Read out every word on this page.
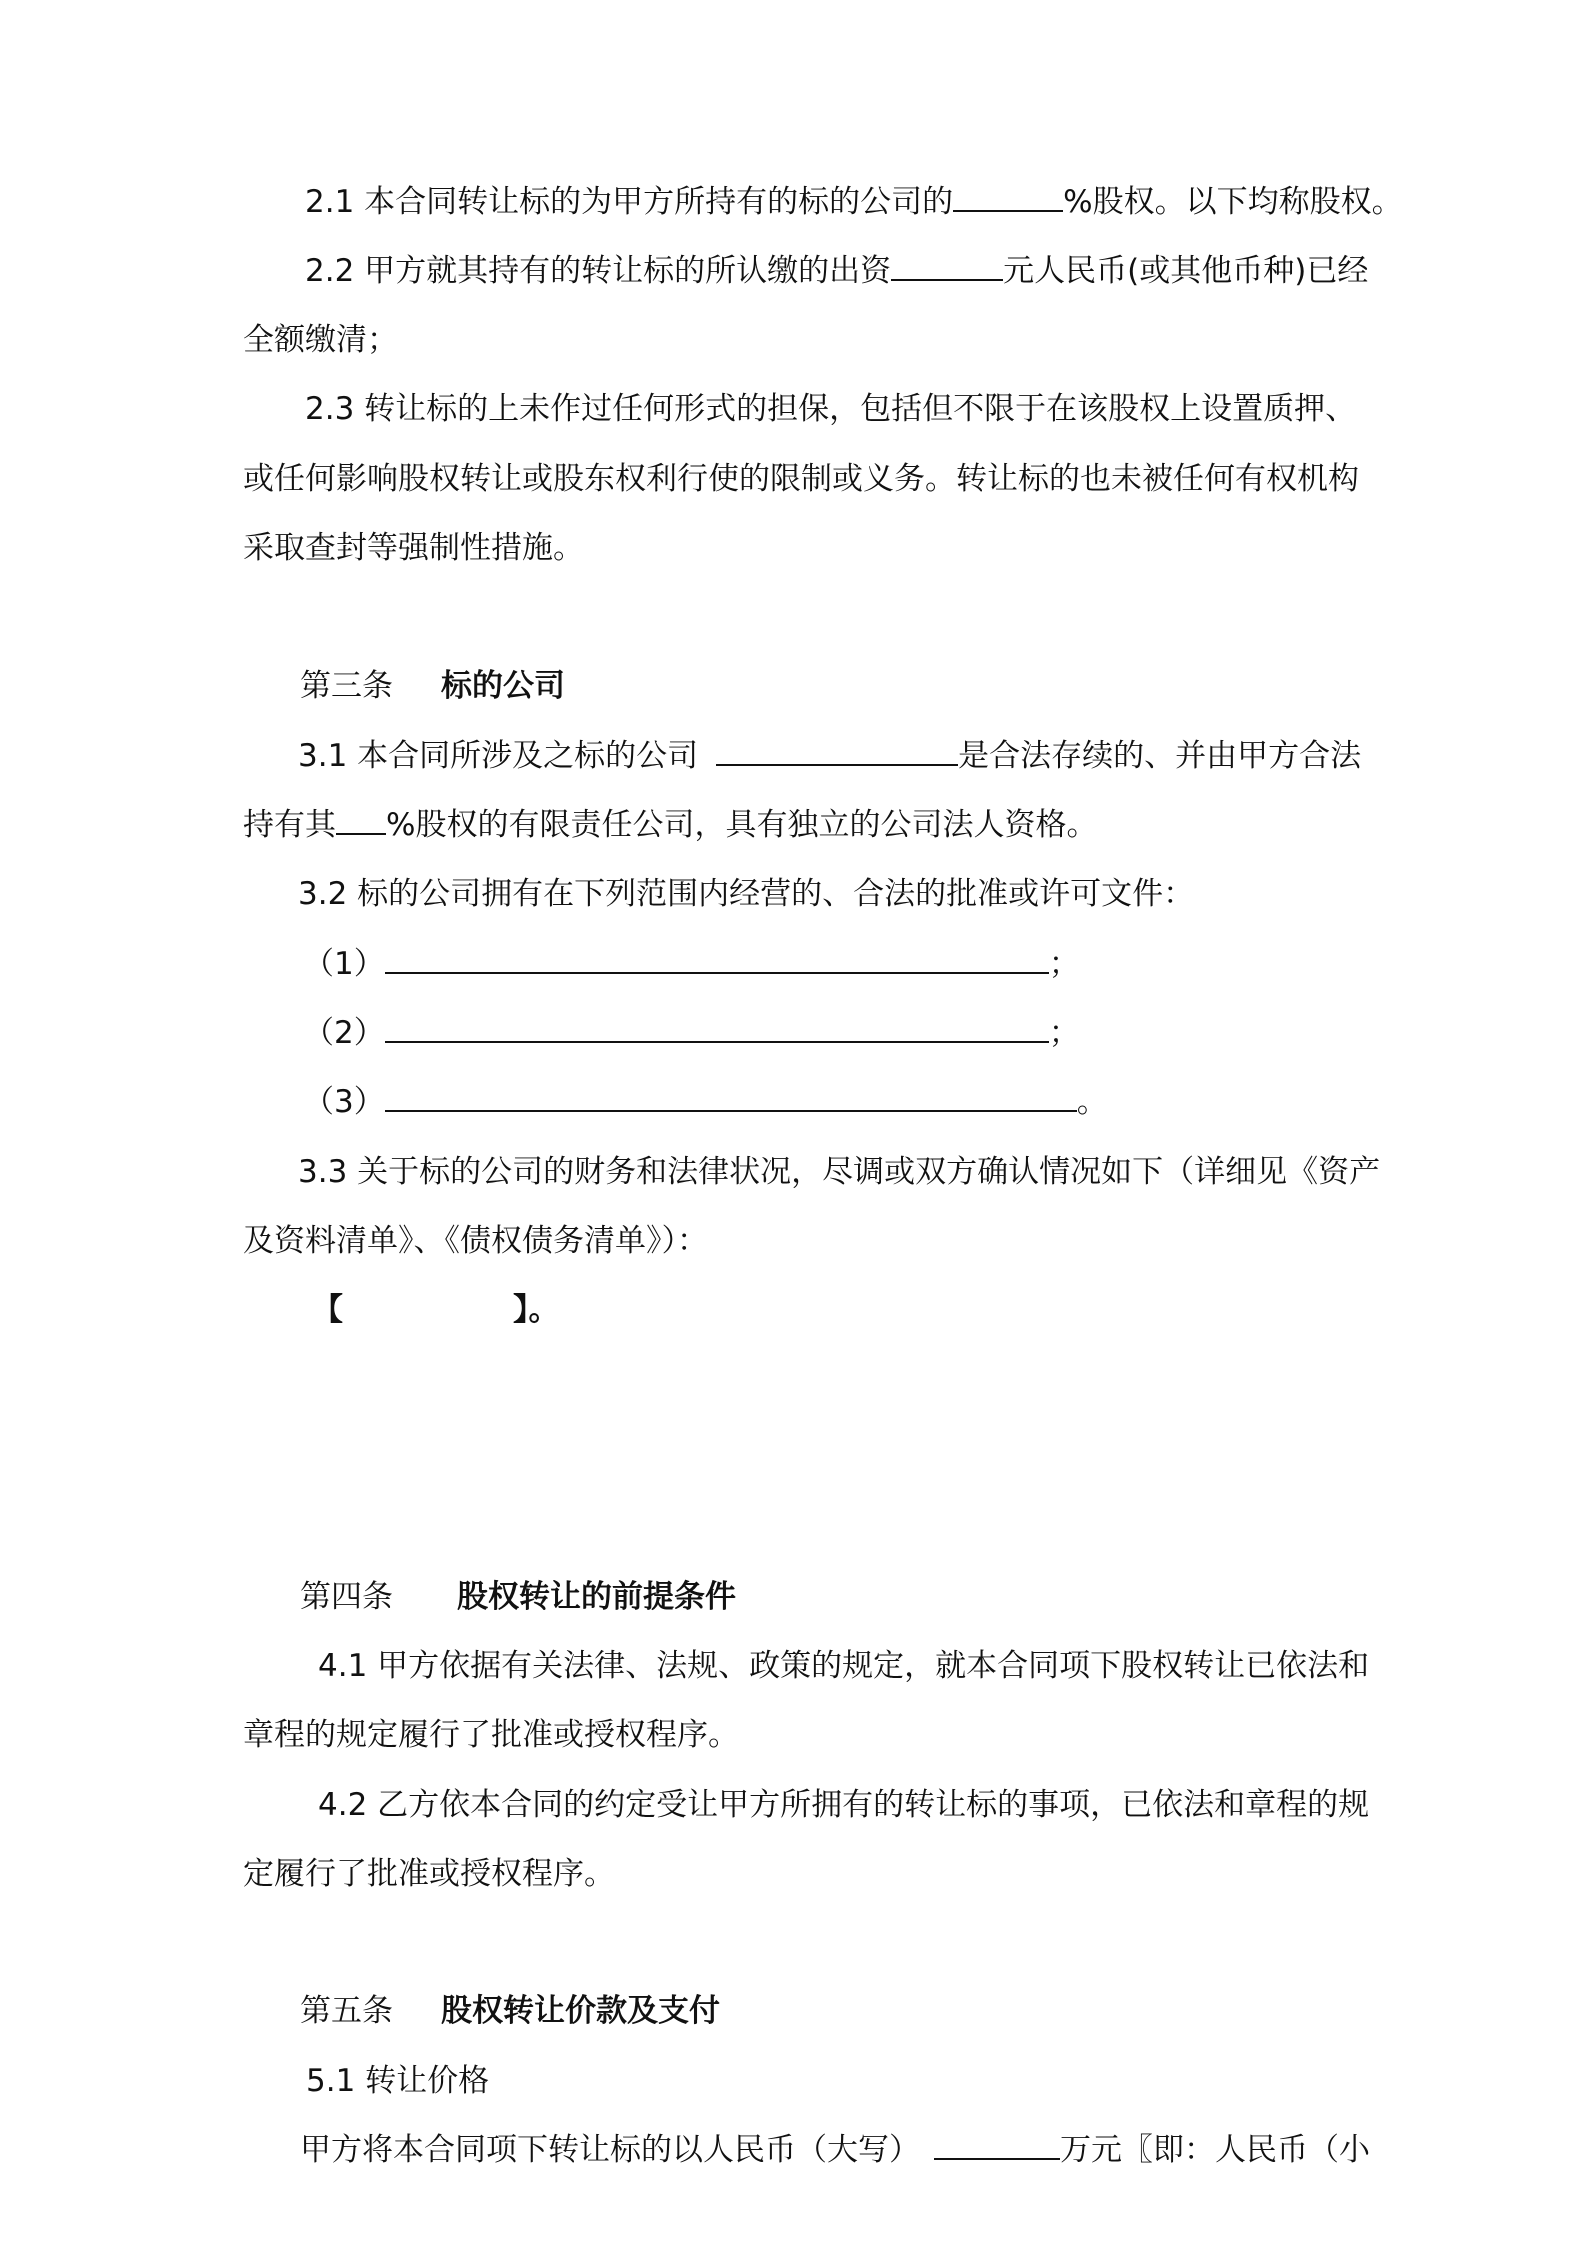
2.1 本合同转让标的为甲方所持有的标的公司的	%股权。以下均称股权。
2.2 甲方就其持有的转让标的所认缴的出资	元人民币(或其他币种)已经
全额缴清；
2.3 转让标的上未作过任何形式的担保，包括但不限于在该股权上设置质押、
或任何影响股权转让或股东权利行使的限制或义务。转让标的也未被任何有权机构
采取查封等强制性措施。
第三条 标的公司
3.1 本合同所涉及之标的公司	是合法存续的、并由甲方合法
持有其 %股权的有限责任公司，具有独立的公司法人资格。
3.2 标的公司拥有在下列范围内经营的、合法的批准或许可文件：
（1）	；
（2）	；
（3）	。
3.3 关于标的公司的财务和法律状况，尽调或双方确认情况如下（详细见《资产
及资料清单》、《债权债务清单》）：
【	】。
第四条 股权转让的前提条件
4.1 甲方依据有关法律、法规、政策的规定，就本合同项下股权转让已依法和
章程的规定履行了批准或授权程序。
4.2 乙方依本合同的约定受让甲方所拥有的转让标的事项，已依法和章程的规
定履行了批准或授权程序。
第五条 股权转让价款及支付
5.1 转让价格
甲方将本合同项下转让标的以人民币（大写）	万元〖即：人民币（小
